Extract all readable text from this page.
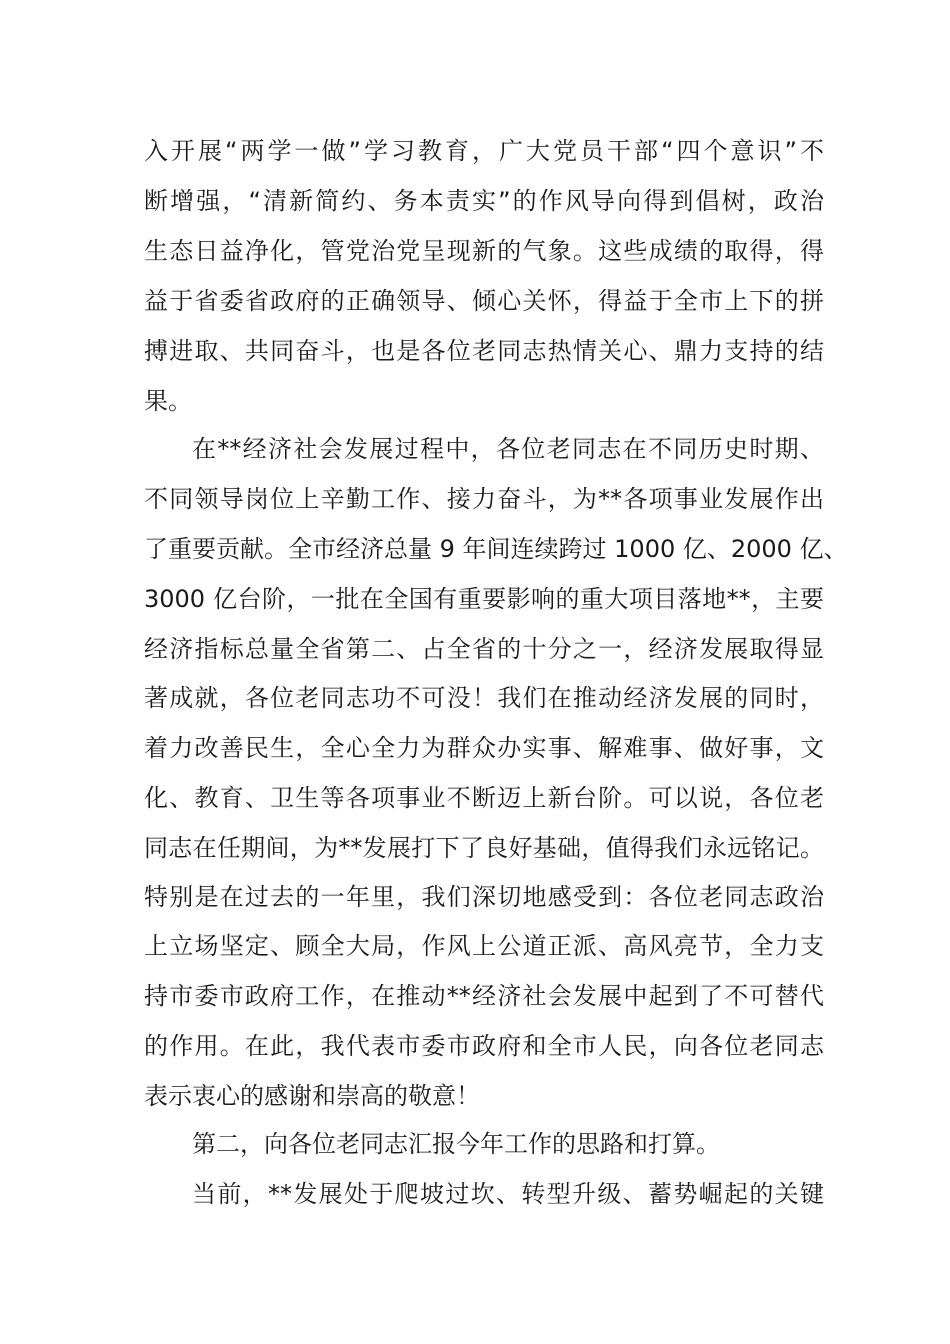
入开展“两学一做”学习教育，广大党员干部“四个意识”不
断增强，“清新简约、务本责实”的作风导向得到倡树，政治
生态日益净化，管党治党呈现新的气象。这些成绩的取得，得
益于省委省政府的正确领导、倾心关怀，得益于全市上下的拼
搏进取、共同奋斗，也是各位老同志热情关心、鼎力支持的结
果。
在**经济社会发展过程中，各位老同志在不同历史时期、
不同领导岗位上辛勤工作、接力奋斗，为**各项事业发展作出
了重要贡献。全市经济总量 9 年间连续跨过 1000 亿、2000 亿、
3000 亿台阶，一批在全国有重要影响的重大项目落地**，主要
经济指标总量全省第二、占全省的十分之一，经济发展取得显
著成就，各位老同志功不可没！我们在推动经济发展的同时，
着力改善民生，全心全力为群众办实事、解难事、做好事，文
化、教育、卫生等各项事业不断迈上新台阶。可以说，各位老
同志在任期间，为**发展打下了良好基础，值得我们永远铭记。
特别是在过去的一年里，我们深切地感受到：各位老同志政治
上立场坚定、顾全大局，作风上公道正派、高风亮节，全力支
持市委市政府工作，在推动**经济社会发展中起到了不可替代
的作用。在此，我代表市委市政府和全市人民，向各位老同志
表示衷心的感谢和崇高的敬意！
第二，向各位老同志汇报今年工作的思路和打算。
当前，**发展处于爬坡过坎、转型升级、蓄势崛起的关键
